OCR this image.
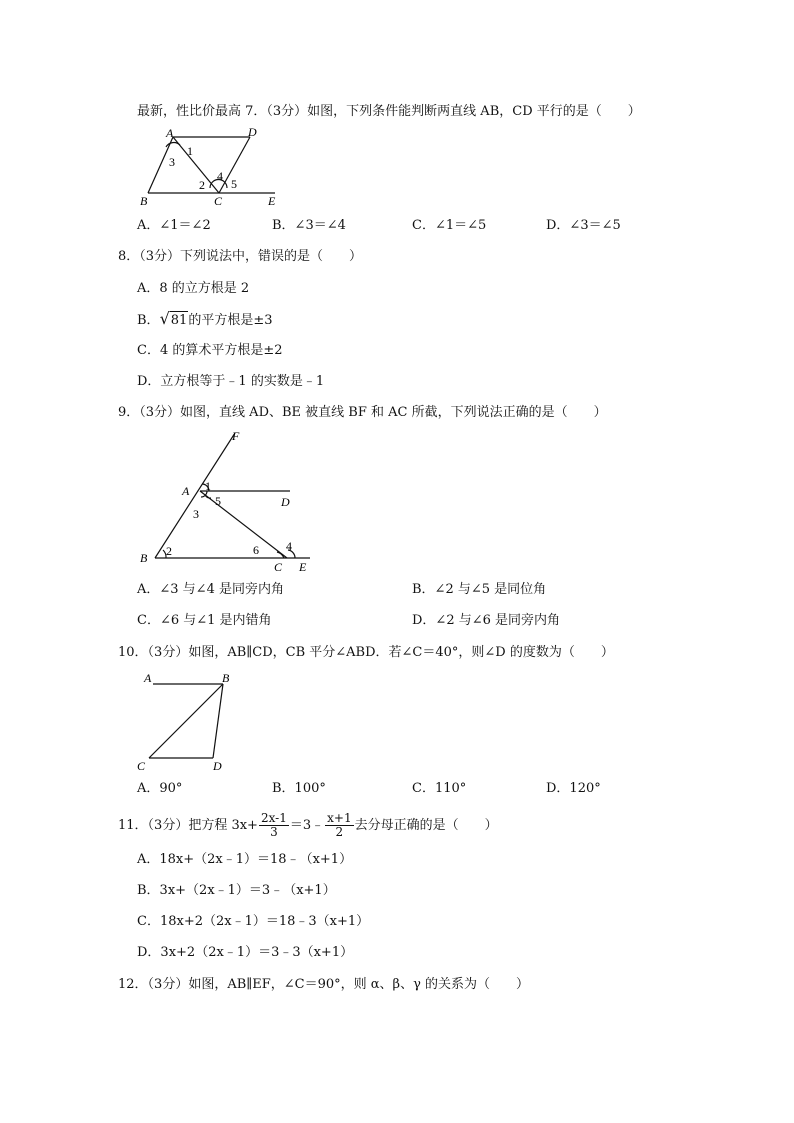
最新，性比价最高 7．（3分）如图，下列条件能判断两直线 AB，CD 平行的是（　　）
A	D
B	C	E
1
3
2
4
5
A．∠1＝∠2	B．∠3＝∠4	C．∠1＝∠5	D．∠3＝∠5
8．（3分）下列说法中，错误的是（　　）
A．8 的立方根是 2
B．√81的平方根是±3
C．4 的算术平方根是±2
D．立方根等于﹣1 的实数是﹣1
9．（3分）如图，直线 AD、BE 被直线 BF 和 AC 所截，下列说法正确的是（　　）
F
A
D
B
C E
1
5
3
2	6 4
A．∠3 与∠4 是同旁内角	B．∠2 与∠5 是同位角
C．∠6 与∠1 是内错角	D．∠2 与∠6 是同旁内角
10．（3分）如图，AB∥CD，CB 平分∠ABD．若∠C＝40°，则∠D 的度数为（　　）
A	B
C	D
A．90°	B．100°	C．110°	D．120°
11．（3分）把方程 $3x+ \frac{2x-1}{3}$ ＝3﹣ $\frac{x+1}{2}$ 去分母正确的是（　　）
A．18x+（2x﹣1）＝18﹣（x+1）
B．3x+（2x﹣1）＝3﹣（x+1）
C．18x+2（2x﹣1）＝18﹣3（x+1）
D．3x+2（2x﹣1）＝3﹣3（x+1）
12．（3分）如图，AB∥EF，∠C＝90°，则 α、β、γ 的关系为（　　）
